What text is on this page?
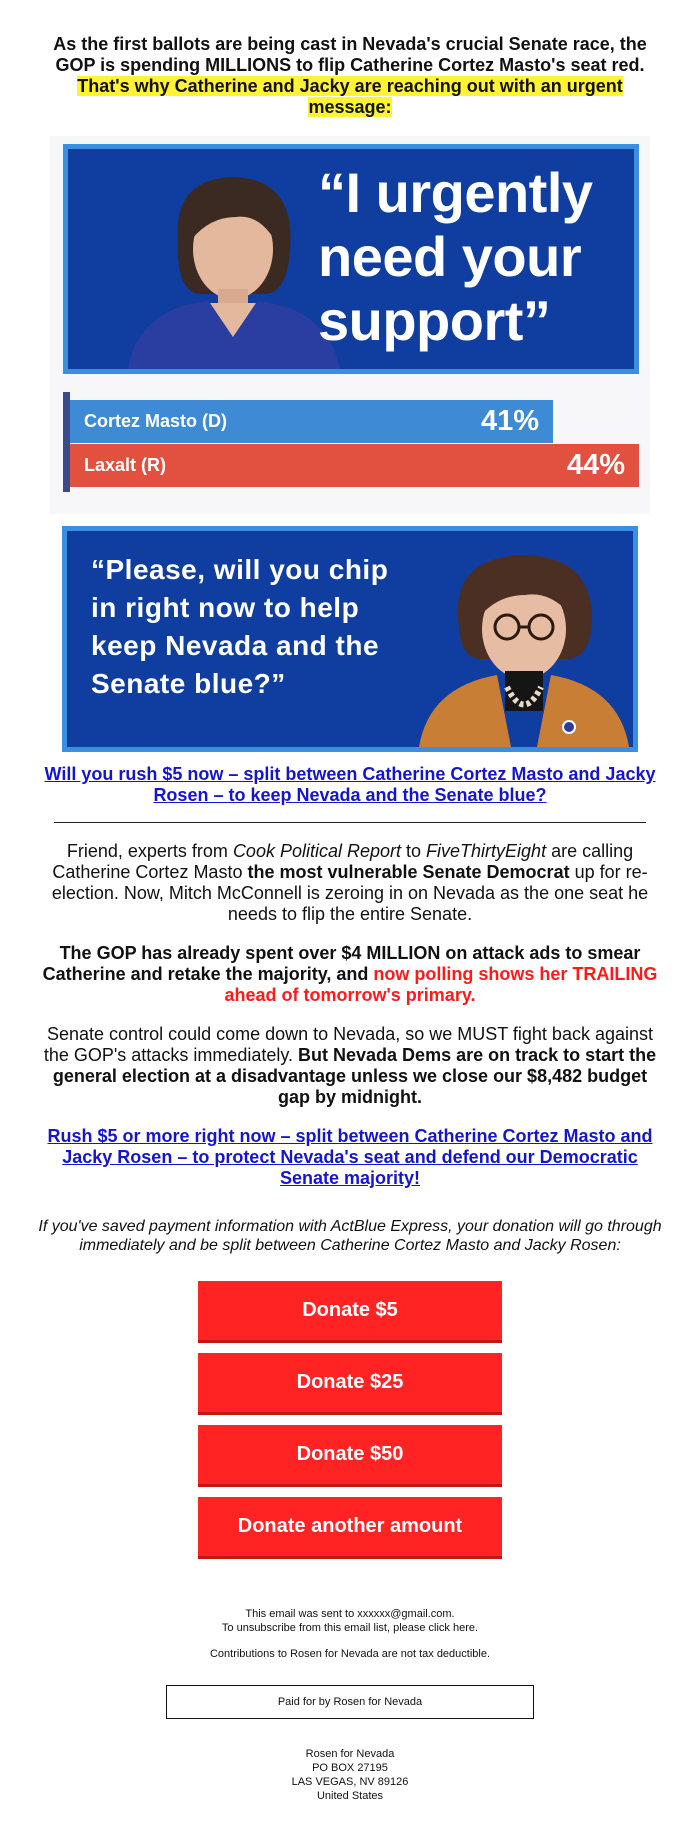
As the first ballots are being cast in Nevada's crucial Senate race, the GOP is spending MILLIONS to flip Catherine Cortez Masto's seat red. That's why Catherine and Jacky are reaching out with an urgent message:
“I urgently need your support”
Cortez Masto (D)	41%
Laxalt (R)	44%
“Please, will you chip in right now to help keep Nevada and the Senate blue?”
Will you rush $5 now – split between Catherine Cortez Masto and Jacky Rosen – to keep Nevada and the Senate blue?
Friend, experts from Cook Political Report to FiveThirtyEight are calling Catherine Cortez Masto the most vulnerable Senate Democrat up for re-election. Now, Mitch McConnell is zeroing in on Nevada as the one seat he needs to flip the entire Senate.
The GOP has already spent over $4 MILLION on attack ads to smear Catherine and retake the majority, and now polling shows her TRAILING ahead of tomorrow's primary.
Senate control could come down to Nevada, so we MUST fight back against the GOP's attacks immediately. But Nevada Dems are on track to start the general election at a disadvantage unless we close our $8,482 budget gap by midnight.
Rush $5 or more right now – split between Catherine Cortez Masto and Jacky Rosen – to protect Nevada's seat and defend our Democratic Senate majority!
If you've saved payment information with ActBlue Express, your donation will go through immediately and be split between Catherine Cortez Masto and Jacky Rosen:
Donate $5
Donate $25
Donate $50
Donate another amount
This email was sent to xxxxxx@gmail.com.
To unsubscribe from this email list, please click here.
Contributions to Rosen for Nevada are not tax deductible.
Paid for by Rosen for Nevada
Rosen for Nevada
PO BOX 27195
LAS VEGAS, NV 89126
United States
